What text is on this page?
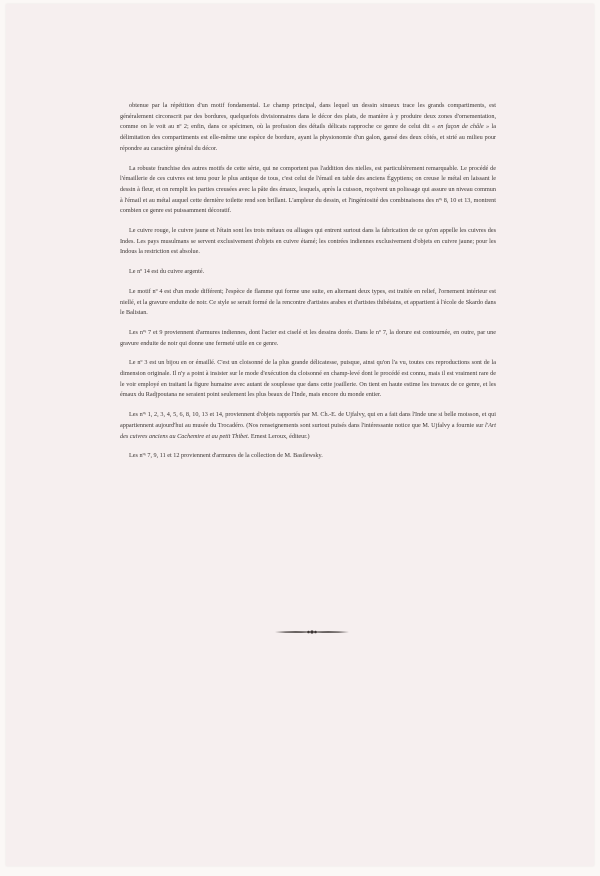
obtenue par la répétition d'un motif fondamental. Le champ principal, dans lequel un dessin sinueux trace les grands compartiments, est généralement circonscrit par des bordures, quelquefois divisionnaires dans le décor des plats, de manière à y produire deux zones d'ornementation, comme on le voit au nº 2; enfin, dans ce spécimen, où la profusion des détails délicats rapproche ce genre de celui dit « en façon de châle » la délimitation des compartiments est elle-même une espèce de bordure, ayant la physionomie d'un galon, gansé des deux côtés, et strié au milieu pour répondre au caractère général du décor.

La robuste franchise des autres motifs de cette série, qui ne comportent pas l'addition des nielles, est particulièrement remarquable. Le procédé de l'émaillerie de ces cuivres est tenu pour le plus antique de tous, c'est celui de l'émail en table des anciens Égyptiens; on creuse le métal en laissant le dessin à fleur, et on remplit les parties creusées avec la pâte des émaux, lesquels, après la cuisson, reçoivent un polissage qui assure un niveau commun à l'émail et au métal auquel cette dernière toilette rend son brillant. L'ampleur du dessin, et l'ingéniosité des combinaisons des nºˢ 8, 10 et 13, montrent combien ce genre est puissamment décoratif.

Le cuivre rouge, le cuivre jaune et l'étain sont les trois métaux ou alliages qui entrent surtout dans la fabrication de ce qu'on appelle les cuivres des Indes. Les pays musulmans se servent exclusivement d'objets en cuivre étamé; les contrées indiennes exclusivement d'objets en cuivre jaune; pour les Indous la restriction est absolue.

Le nº 14 est du cuivre argenté.

Le motif nº 4 est d'un mode différent; l'espèce de flamme qui forme une suite, en alternant deux types, est traitée en relief, l'ornement intérieur est niellé, et la gravure enduite de noir. Ce style se serait formé de la rencontre d'artistes arabes et d'artistes thibétains, et appartient à l'école de Skardo dans le Balistan.

Les nºˢ 7 et 9 proviennent d'armures indiennes, dont l'acier est ciselé et les dessins dorés. Dans le nº 7, la dorure est contournée, en outre, par une gravure enduite de noir qui donne une fermeté utile en ce genre.

Le nº 3 est un bijou en or émaillé. C'est un cloisonné de la plus grande délicatesse, puisque, ainsi qu'on l'a vu, toutes ces reproductions sont de la dimension originale. Il n'y a point à insister sur le mode d'exécution du cloisonné en champ-levé dont le procédé est connu, mais il est vraiment rare de le voir employé en traitant la figure humaine avec autant de souplesse que dans cette joaillerie. On tient en haute estime les travaux de ce genre, et les émaux du Radjpoutana ne seraient point seulement les plus beaux de l'Inde, mais encore du monde entier.

Les nºˢ 1, 2, 3, 4, 5, 6, 8, 10, 13 et 14, proviennent d'objets rapportés par M. Ch.-E. de Ujfalvy, qui en a fait dans l'Inde une si belle moisson, et qui appartiennent aujourd'hui au musée du Trocadéro. (Nos renseignements sont surtout puisés dans l'intéressante notice que M. Ujfalvy a fournie sur l'Art des cuivres anciens au Cachemire et au petit Thibet. Ernest Leroux, éditeur.)

Les nºˢ 7, 9, 11 et 12 proviennent d'armures de la collection de M. Basilewsky.
